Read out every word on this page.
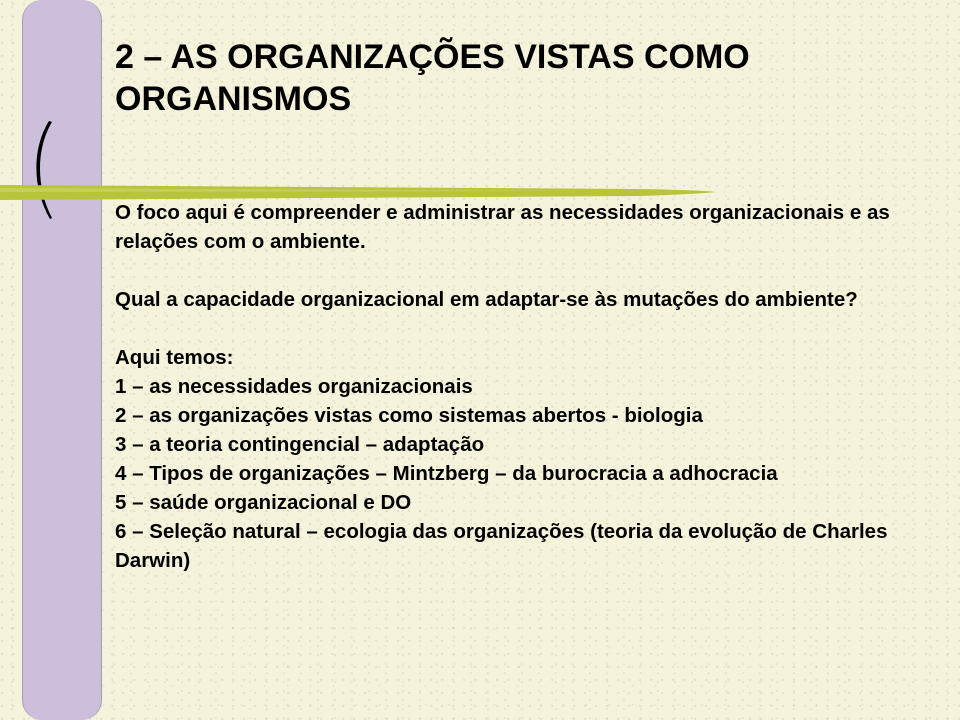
2 – AS ORGANIZAÇÕES VISTAS COMO ORGANISMOS

O foco aqui é compreender e administrar as necessidades organizacionais e as relações com o ambiente.

Qual a capacidade organizacional em adaptar-se às mutações do ambiente?

Aqui temos:

1 – as necessidades organizacionais

2 – as organizações vistas como sistemas abertos - biologia

3 – a teoria contingencial – adaptação

4 – Tipos de organizações – Mintzberg – da burocracia a adhocracia

5 – saúde organizacional e DO

6 – Seleção natural – ecologia das organizações (teoria da evolução de Charles Darwin)
